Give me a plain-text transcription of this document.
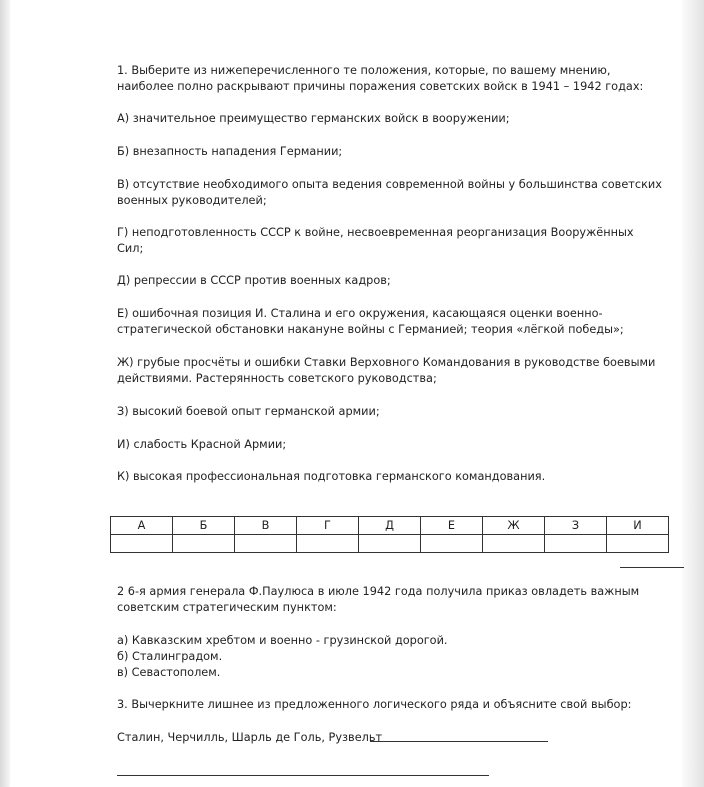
1. Выберите из нижеперечисленного те положения, которые, по вашему мнению,
наиболее полно раскрывают причины поражения советских войск в 1941 – 1942 годах:
А) значительное преимущество германских войск в вооружении;
Б) внезапность нападения Германии;
В) отсутствие необходимого опыта ведения современной войны у большинства советских
военных руководителей;
Г) неподготовленность СССР к войне, несвоевременная реорганизация Вооружённых
Сил;
Д) репрессии в СССР против военных кадров;
Е) ошибочная позиция И. Сталина и его окружения, касающаяся оценки военно-
стратегической обстановки накануне войны с Германией; теория «лёгкой победы»;
Ж) грубые просчёты и ошибки Ставки Верховного Командования в руководстве боевыми
действиями. Растерянность советского руководства;
З) высокий боевой опыт германской армии;
И) слабость Красной Армии;
К) высокая профессиональная подготовка германского командования.
А	Б	В	Г	Д	Е	Ж	З	И

2 6-я армия генерала Ф.Паулюса в июле 1942 года получила приказ овладеть важным
советским стратегическим пунктом:
а) Кавказским хребтом и военно - грузинской дорогой.
б) Сталинградом.
в) Севастополем.
3. Вычеркните лишнее из предложенного логического ряда и объясните свой выбор:
Сталин, Черчилль, Шарль де Голь, Рузвельт
